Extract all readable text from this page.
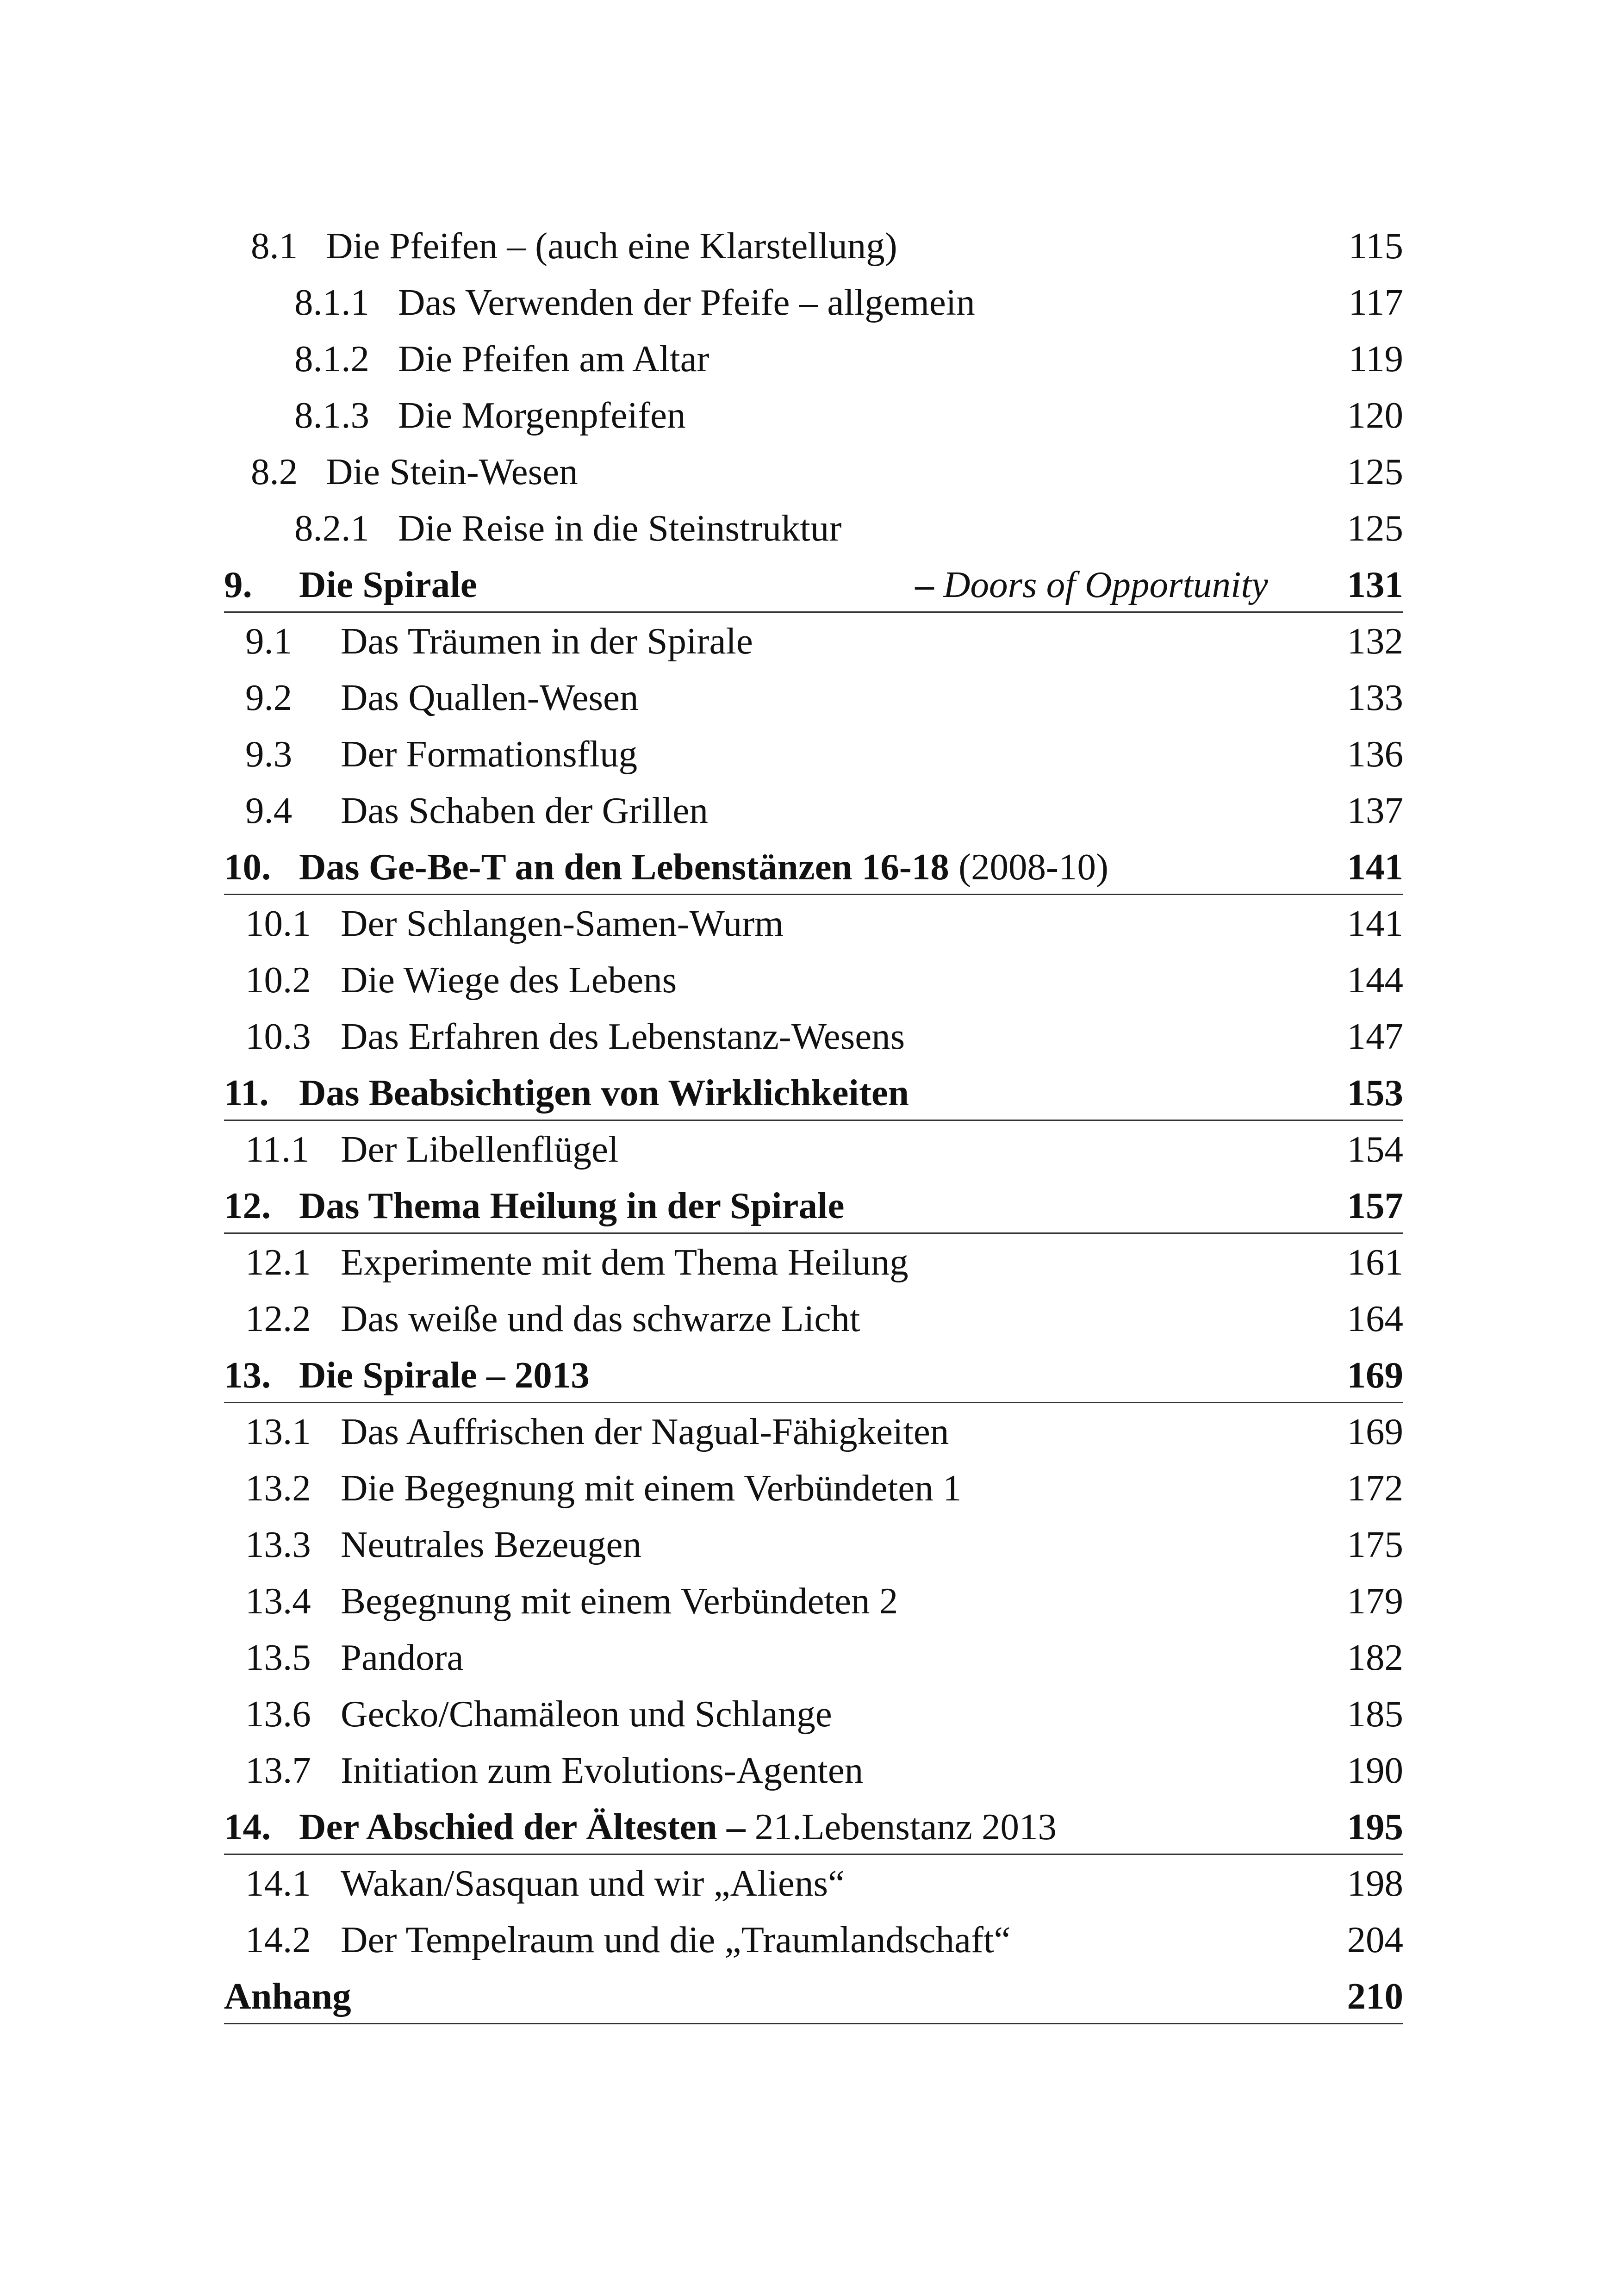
8.1 Die Pfeifen – (auch eine Klarstellung)	115
8.1.1 Das Verwenden der Pfeife – allgemein	117
8.1.2 Die Pfeifen am Altar	119
8.1.3 Die Morgenpfeifen	120
8.2 Die Stein-Wesen	125
8.2.1 Die Reise in die Steinstruktur	125
9. Die Spirale	– Doors of Opportunity 131
9.1 Das Träumen in der Spirale	132
9.2 Das Quallen-Wesen	133
9.3 Der Formationsflug	136
9.4 Das Schaben der Grillen	137
10. Das Ge-Be-T an den Lebenstänzen 16-18 (2008-10)	141
10.1 Der Schlangen-Samen-Wurm	141
10.2 Die Wiege des Lebens	144
10.3 Das Erfahren des Lebenstanz-Wesens	147
11. Das Beabsichtigen von Wirklichkeiten	153
11.1 Der Libellenflügel	154
12. Das Thema Heilung in der Spirale	157
12.1 Experimente mit dem Thema Heilung	161
12.2 Das weiße und das schwarze Licht	164
13. Die Spirale – 2013	169
13.1 Das Auffrischen der Nagual-Fähigkeiten	169
13.2 Die Begegnung mit einem Verbündeten 1	172
13.3 Neutrales Bezeugen	175
13.4 Begegnung mit einem Verbündeten 2	179
13.5 Pandora	182
13.6 Gecko/Chamäleon und Schlange	185
13.7 Initiation zum Evolutions-Agenten	190
14. Der Abschied der Ältesten – 21.Lebenstanz 2013	195
14.1 Wakan/Sasquan und wir „Aliens“	198
14.2 Der Tempelraum und die „Traumlandschaft“	204
Anhang	210
